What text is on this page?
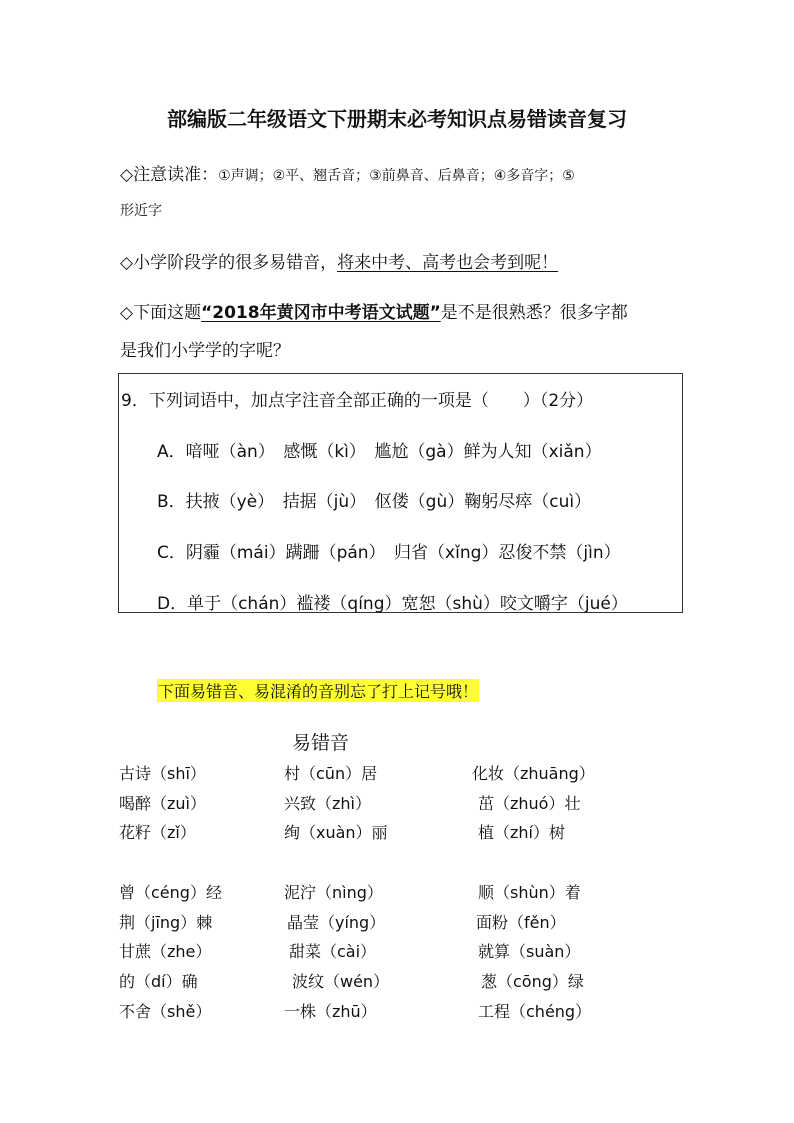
部编版二年级语文下册期末必考知识点易错读音复习
◇注意读准：①声调；②平、翘舌音；③前鼻音、后鼻音；④多音字；⑤
形近字
◇小学阶段学的很多易错音，将来中考、高考也会考到呢！
◇下面这题“2018年黄冈市中考语文试题”是不是很熟悉？很多字都
是我们小学学的字呢？
9．下列词语中，加点字注音全部正确的一项是（　　）（2分）
A．喑哑（àn）　感慨（kì）　尴尬（gà）鲜为人知（xiǎn）
B．扶掖（yè）　拮据（jù）　伛偻（gù）鞠躬尽瘁（cuì）
C．阴霾（mái）蹒跚（pán）　归省（xǐng）忍俊不禁（jìn）
D．单于（chán）褴褛（qíng）宽恕（shù）咬文嚼字（jué）
下面易错音、易混淆的音别忘了打上记号哦！
易错音
古诗（shī）	村（cūn）居	化妆（zhuāng）
喝醉（zuì）	兴致（zhì）	茁（zhuó）壮
花籽（zǐ）	绚（xuàn）丽	植（zhí）树
曾（céng）经	泥泞（nìng）	顺（shùn）着
荆（jīng）棘	晶莹（yíng）	面粉（fěn）
甘蔗（zhe）	甜菜（cài）	就算（suàn）
的（dí）确	波纹（wén）	葱（cōng）绿
不舍（shě）	一株（zhū）	工程（chéng）
